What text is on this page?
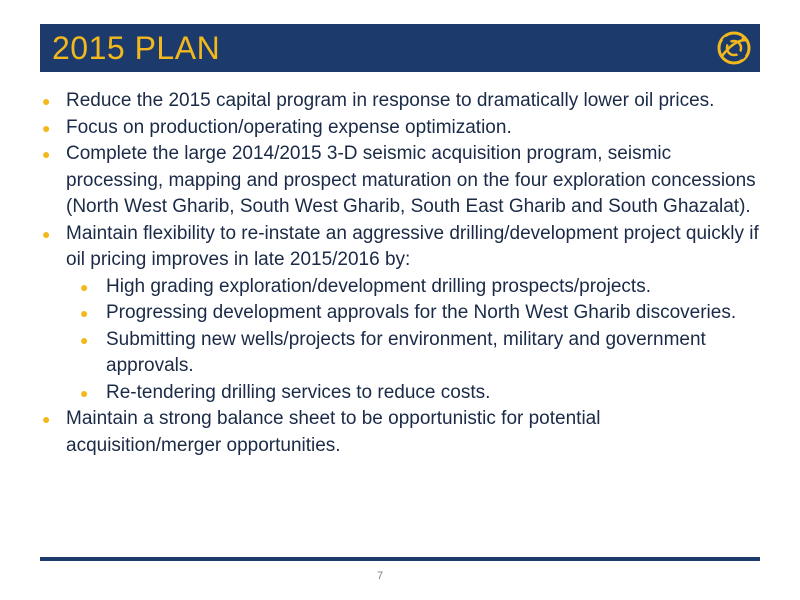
2015 PLAN
● Reduce the 2015 capital program in response to dramatically lower oil prices.
● Focus on production/operating expense optimization.
● Complete the large 2014/2015 3-D seismic acquisition program, seismic processing, mapping and prospect maturation on the four exploration concessions (North West Gharib, South West Gharib, South East Gharib and South Ghazalat).
● Maintain flexibility to re-instate an aggressive drilling/development project quickly if oil pricing improves in late 2015/2016 by:
● High grading exploration/development drilling prospects/projects.
● Progressing development approvals for the North West Gharib discoveries.
● Submitting new wells/projects for environment, military and government approvals.
● Re-tendering drilling services to reduce costs.
● Maintain a strong balance sheet to be opportunistic for potential acquisition/merger opportunities.
7
